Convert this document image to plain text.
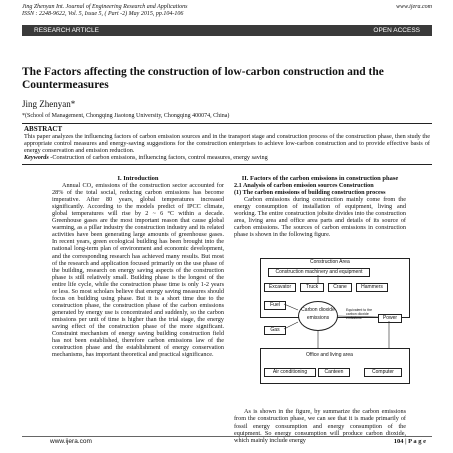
Jing Zhenyan Int. Journal of Engineering Research and Applications
ISSN : 2248-9622, Vol. 5, Issue 5, ( Part -2) May 2015, pp.104-106
www.ijera.com
RESEARCH ARTICLE	OPEN ACCESS
The Factors affecting the construction of low-carbon construction and the Countermeasures
Jing Zhenyan*
*(School of Management, Chongqing Jiaotong University, Chongqing 400074, China)
ABSTRACT
This paper analyzes the influencing factors of carbon emission sources and in the transport stage and construction process of the construction phase, then study the appropriate control measures and energy-saving suggestions for the construction enterprises to achieve low-carbon construction and to provide effective basis of energy conservation and emission reduction.
Keywords -Construction of carbon emissions, influencing factors, control measures, energy saving
I. Introduction

Annual CO₂ emissions of the construction sector accounted for 28% of the total social, reducing carbon emissions has become imperative. After 80 years, global temperatures increased significantly. According to the models predict of IPCC climate, global temperatures will rise by 2 ~ 6 °C within a decade. Greenhouse gases are the most important reason that cause global warming, as a pillar industry the construction industry and its related activities have been generating large amounts of greenhouse gases. In recent years, green ecological building has been brought into the national long-term plan of environment and economic development, and the corresponding research has achieved many results. But most of the research and application focused primarily on the use phase of the building, research on energy saving aspects of the construction phase is still relatively small. Building phase is the longest of the entire life cycle, while the construction phase time is only 1-2 years or less. So most scholars believe that energy saving measures should focus on building using phase. But it is a short time due to the construction phase, the construction phase of the carbon emissions generated by energy use is concentrated and suddenly, so the carbon emissions per unit of time is higher than the trial stage, the energy saving effect of the construction phase of the more significant. Constraint mechanism of energy saving building construction field has not been established, therefore carbon emissions law of the construction phase and the establishment of energy conservation mechanisms, has important theoretical and practical significance.

II. Factors of the carbon emissions in construction phase

2.1 Analysis of carbon emission sources Construction

(1) The carbon emissions of building construction process

Carbon emissions during construction mainly come from the energy consumption of installation of equipment, living and working. The entire construction jobsite divides into the construction area, living area and office area parts and details of its source of carbon emissions. The sources of carbon emissions in construction phase is shown in the following figure.

As is shown in the figure, by summarize the carbon emissions from the construction phase, we can see that it is made primarily of fossil energy consumption and energy consumption of the equipment. So energy consumption will produce carbon dioxide, which mainly include energy

Construction Area
Construction machinery and equipment
Excavator	Truck	Crane	Hammers
Fuel
Carbon dioxide emissions	Power
Equivalent to the carbon dioxide emissions
Gas
Office and living area
Air conditioning	Canteen	Computer
www.ijera.com	104 | P a g e
